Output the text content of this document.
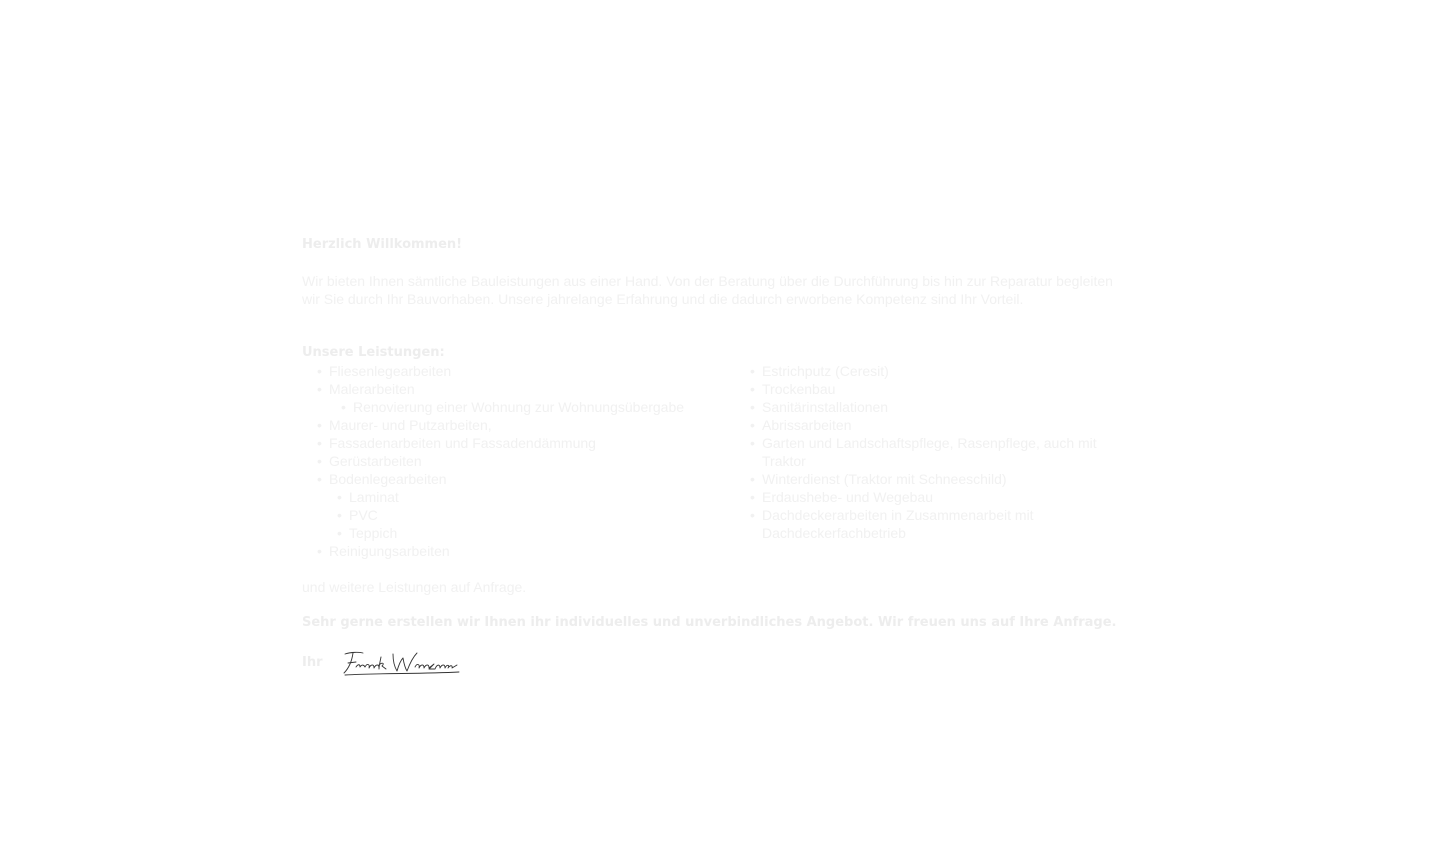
Herzlich Willkommen!

Wir bieten Ihnen sämtliche Bauleistungen aus einer Hand. Von der Beratung über die Durchführung bis hin zur Reparatur begleiten wir Sie durch Ihr Bauvorhaben. Unsere jahrelange Erfahrung und die dadurch erworbene Kompetenz sind Ihr Vorteil.

Unsere Leistungen:
• Fliesenlegearbeiten
• Malerarbeiten
• Renovierung einer Wohnung zur Wohnungsübergabe
• Maurer- und Putzarbeiten,
• Fassadenarbeiten und Fassadendämmung
• Gerüstarbeiten
• Bodenlegearbeiten
• Laminat
• PVC
• Teppich
• Reinigungsarbeiten
• Estrichputz (Ceresit)
• Trockenbau
• Sanitärinstallationen
• Abrissarbeiten
• Garten und Landschaftspflege, Rasenpflege, auch mit Traktor
• Winterdienst (Traktor mit Schneeschild)
• Erdaushebe- und Wegebau
• Dachdeckerarbeiten in Zusammenarbeit mit Dachdeckerfachbetrieb

und weitere Leistungen auf Anfrage.

Sehr gerne erstellen wir Ihnen ihr individuelles und unverbindliches Angebot. Wir freuen uns auf Ihre Anfrage.

Ihr
